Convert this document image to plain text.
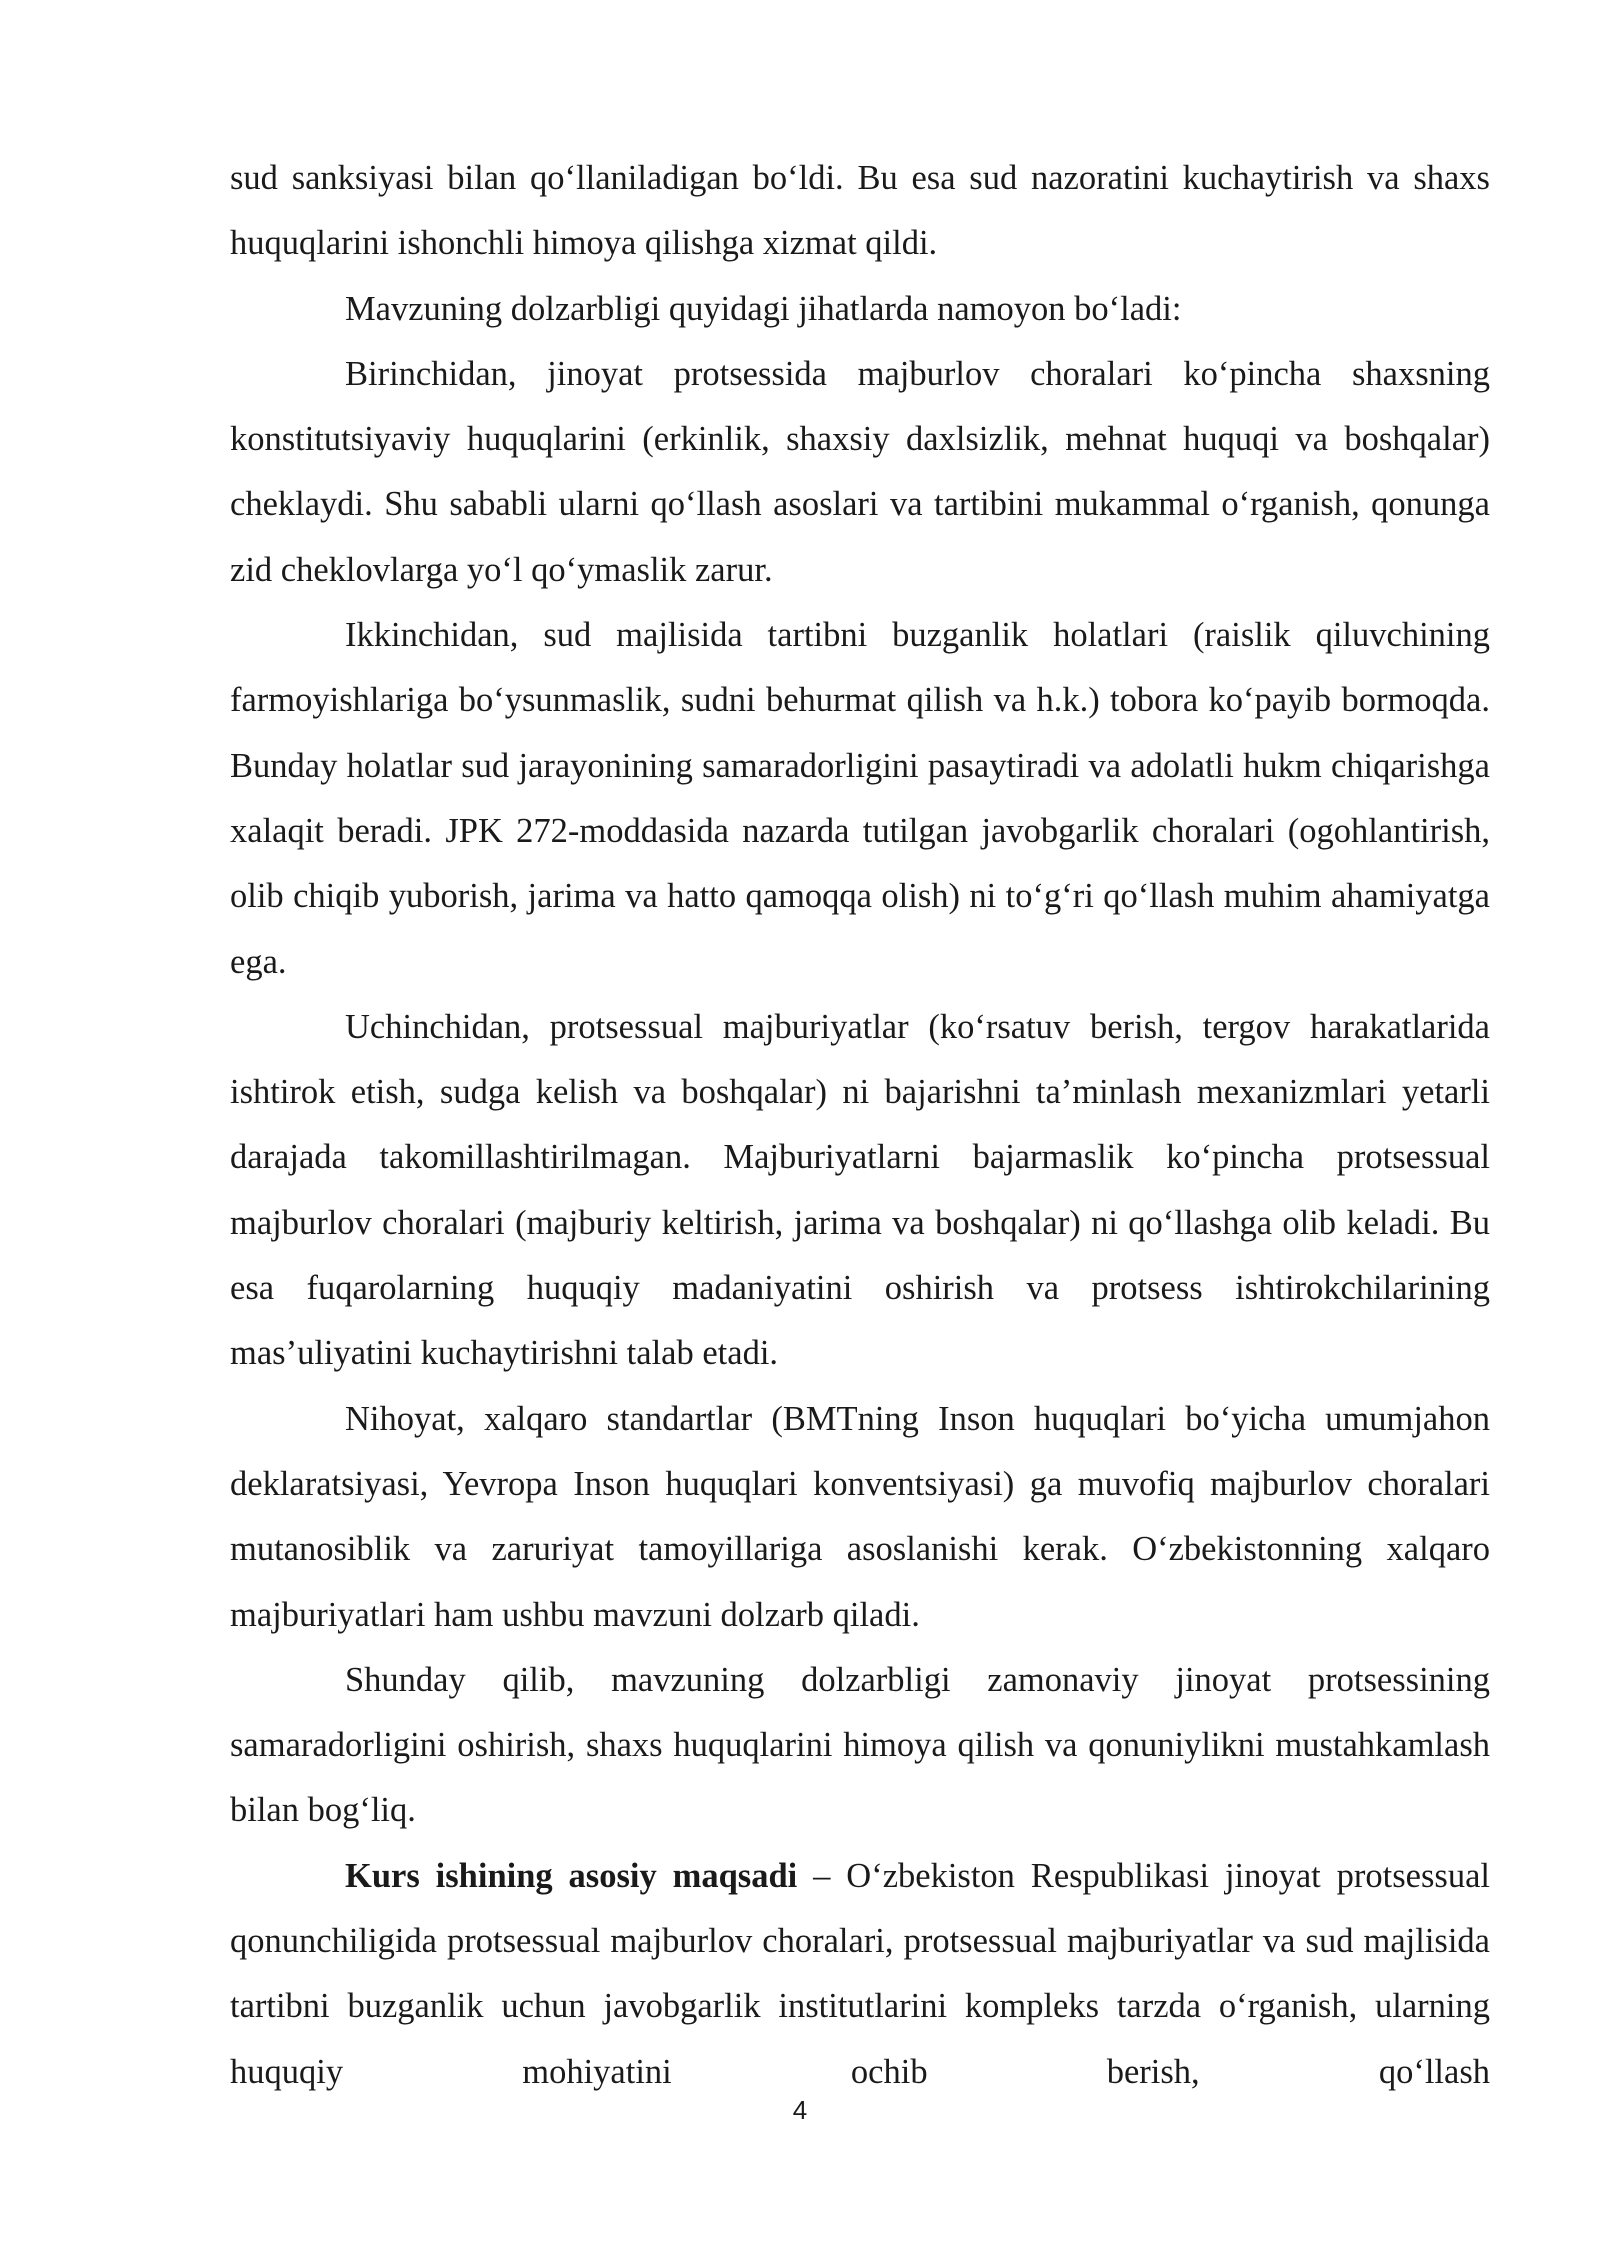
sud sanksiyasi bilan qo‘llaniladigan bo‘ldi. Bu esa sud nazoratini kuchaytirish va shaxs huquqlarini ishonchli himoya qilishga xizmat qildi.

Mavzuning dolzarbligi quyidagi jihatlarda namoyon bo‘ladi:

Birinchidan, jinoyat protsessida majburlov choralari ko‘pincha shaxsning konstitutsiyaviy huquqlarini (erkinlik, shaxsiy daxlsizlik, mehnat huquqi va boshqalar) cheklaydi. Shu sababli ularni qo‘llash asoslari va tartibini mukammal o‘rganish, qonunga zid cheklovlarga yo‘l qo‘ymaslik zarur.

Ikkinchidan, sud majlisida tartibni buzganlik holatlari (raislik qiluvchining farmoyishlariga bo‘ysunmaslik, sudni behurmat qilish va h.k.) tobora ko‘payib bormoqda. Bunday holatlar sud jarayonining samaradorligini pasaytiradi va adolatli hukm chiqarishga xalaqit beradi. JPK 272-moddasida nazarda tutilgan javobgarlik choralari (ogohlantirish, olib chiqib yuborish, jarima va hatto qamoqqa olish) ni to‘g‘ri qo‘llash muhim ahamiyatga ega.

Uchinchidan, protsessual majburiyatlar (ko‘rsatuv berish, tergov harakatlarida ishtirok etish, sudga kelish va boshqalar) ni bajarishni ta’minlash mexanizmlari yetarli darajada takomillashtirilmagan. Majburiyatlarni bajarmaslik ko‘pincha protsessual majburlov choralari (majburiy keltirish, jarima va boshqalar) ni qo‘llashga olib keladi. Bu esa fuqarolarning huquqiy madaniyatini oshirish va protsess ishtirokchilarining mas’uliyatini kuchaytirishni talab etadi.

Nihoyat, xalqaro standartlar (BMTning Inson huquqlari bo‘yicha umumjahon deklaratsiyasi, Yevropa Inson huquqlari konventsiyasi) ga muvofiq majburlov choralari mutanosiblik va zaruriyat tamoyillariga asoslanishi kerak. O‘zbekistonning xalqaro majburiyatlari ham ushbu mavzuni dolzarb qiladi.

Shunday qilib, mavzuning dolzarbligi zamonaviy jinoyat protsessining samaradorligini oshirish, shaxs huquqlarini himoya qilish va qonuniylikni mustahkamlash bilan bog‘liq.

Kurs ishining asosiy maqsadi – O‘zbekiston Respublikasi jinoyat protsessual qonunchiligida protsessual majburlov choralari, protsessual majburiyatlar va sud majlisida tartibni buzganlik uchun javobgarlik institutlarini kompleks tarzda o‘rganish, ularning huquqiy mohiyatini ochib berish, qo‘llash

4
